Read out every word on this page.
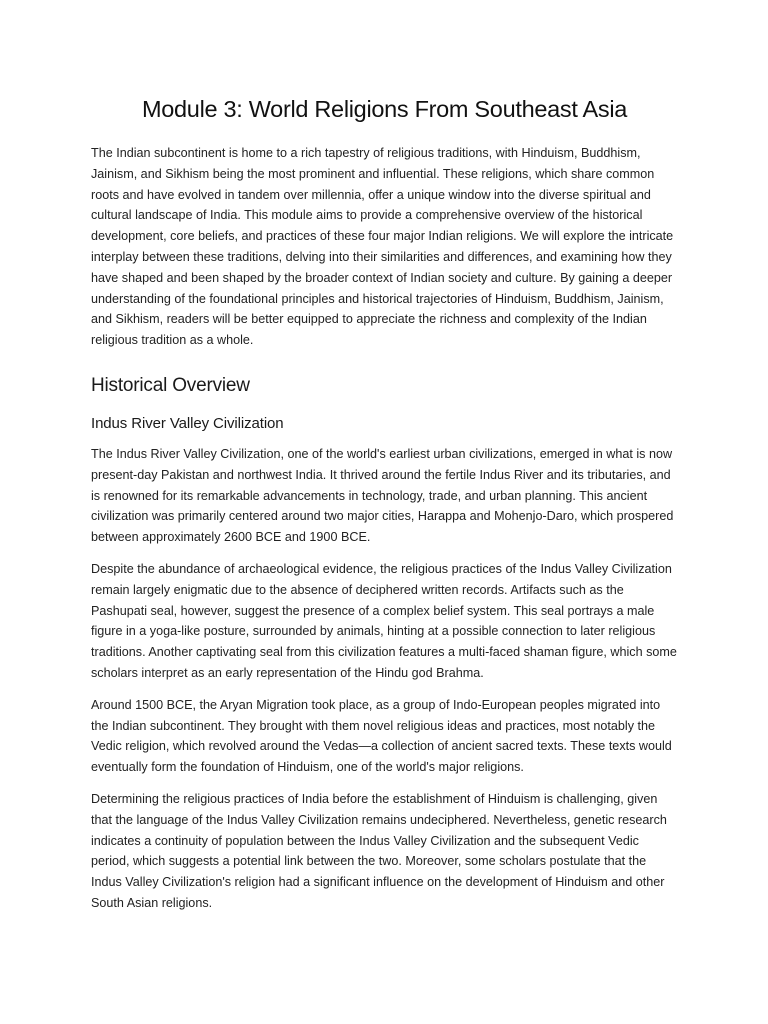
Module 3: World Religions From Southeast Asia

The Indian subcontinent is home to a rich tapestry of religious traditions, with Hinduism, Buddhism, Jainism, and Sikhism being the most prominent and influential. These religions, which share common roots and have evolved in tandem over millennia, offer a unique window into the diverse spiritual and cultural landscape of India. This module aims to provide a comprehensive overview of the historical development, core beliefs, and practices of these four major Indian religions. We will explore the intricate interplay between these traditions, delving into their similarities and differences, and examining how they have shaped and been shaped by the broader context of Indian society and culture. By gaining a deeper understanding of the foundational principles and historical trajectories of Hinduism, Buddhism, Jainism, and Sikhism, readers will be better equipped to appreciate the richness and complexity of the Indian religious tradition as a whole.

Historical Overview
Indus River Valley Civilization

The Indus River Valley Civilization, one of the world's earliest urban civilizations, emerged in what is now present-day Pakistan and northwest India. It thrived around the fertile Indus River and its tributaries, and is renowned for its remarkable advancements in technology, trade, and urban planning. This ancient civilization was primarily centered around two major cities, Harappa and Mohenjo-Daro, which prospered between approximately 2600 BCE and 1900 BCE.

Despite the abundance of archaeological evidence, the religious practices of the Indus Valley Civilization remain largely enigmatic due to the absence of deciphered written records. Artifacts such as the Pashupati seal, however, suggest the presence of a complex belief system. This seal portrays a male figure in a yoga-like posture, surrounded by animals, hinting at a possible connection to later religious traditions. Another captivating seal from this civilization features a multi-faced shaman figure, which some scholars interpret as an early representation of the Hindu god Brahma.

Around 1500 BCE, the Aryan Migration took place, as a group of Indo-European peoples migrated into the Indian subcontinent. They brought with them novel religious ideas and practices, most notably the Vedic religion, which revolved around the Vedas—a collection of ancient sacred texts. These texts would eventually form the foundation of Hinduism, one of the world's major religions.

Determining the religious practices of India before the establishment of Hinduism is challenging, given that the language of the Indus Valley Civilization remains undeciphered. Nevertheless, genetic research indicates a continuity of population between the Indus Valley Civilization and the subsequent Vedic period, which suggests a potential link between the two. Moreover, some scholars postulate that the Indus Valley Civilization's religion had a significant influence on the development of Hinduism and other South Asian religions.
